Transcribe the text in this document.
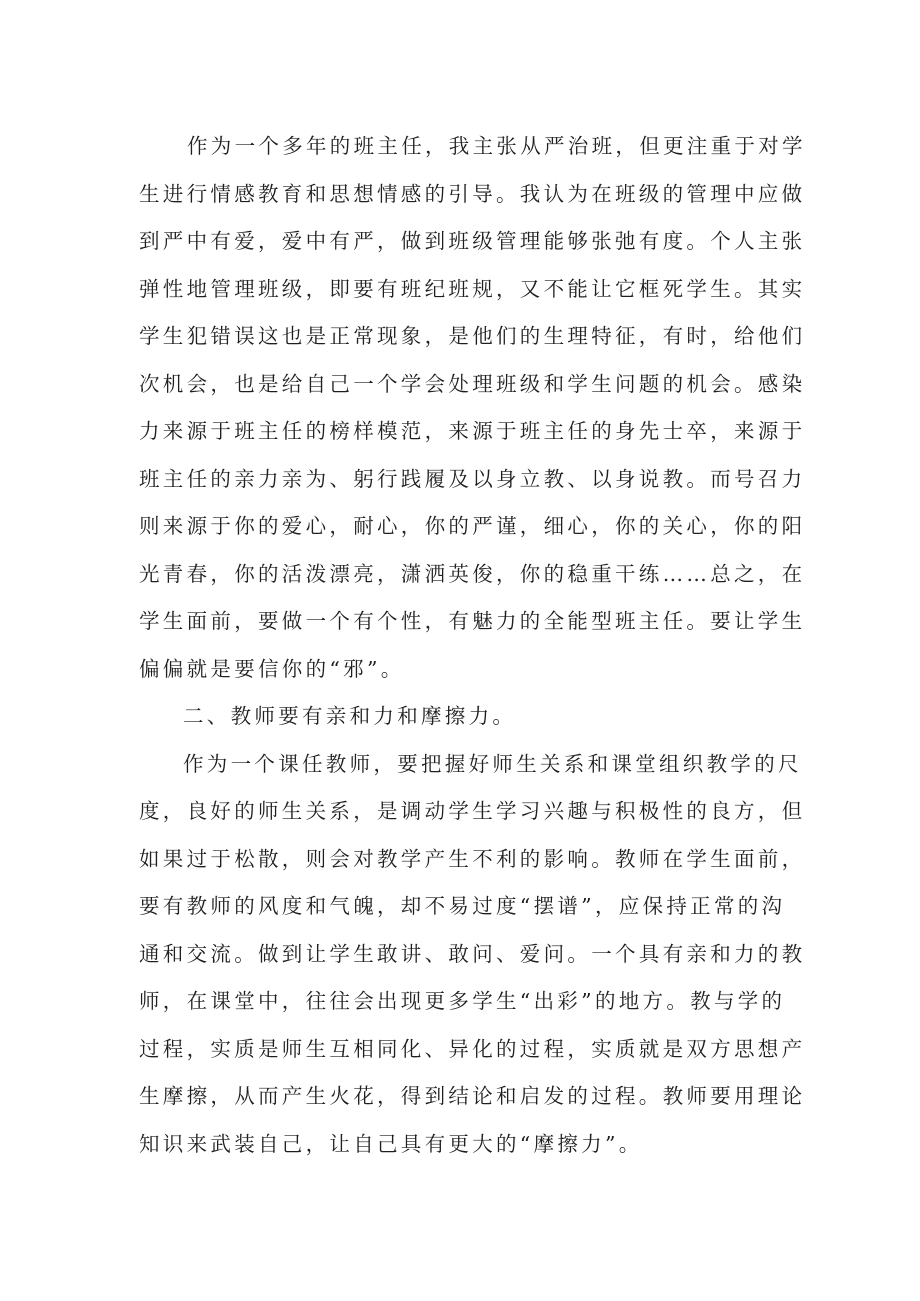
作为一个多年的班主任，我主张从严治班，但更注重于对学
生进行情感教育和思想情感的引导。我认为在班级的管理中应做
到严中有爱，爱中有严，做到班级管理能够张弛有度。个人主张
弹性地管理班级，即要有班纪班规，又不能让它框死学生。其实
学生犯错误这也是正常现象，是他们的生理特征，有时，给他们
次机会，也是给自己一个学会处理班级和学生问题的机会。感染
力来源于班主任的榜样模范，来源于班主任的身先士卒，来源于
班主任的亲力亲为、躬行践履及以身立教、以身说教。而号召力
则来源于你的爱心，耐心，你的严谨，细心，你的关心，你的阳
光青春，你的活泼漂亮，潇洒英俊，你的稳重干练……总之，在
学生面前，要做一个有个性，有魅力的全能型班主任。要让学生
偏偏就是要信你的“邪”。
二、教师要有亲和力和摩擦力。
作为一个课任教师，要把握好师生关系和课堂组织教学的尺
度，良好的师生关系，是调动学生学习兴趣与积极性的良方，但
如果过于松散，则会对教学产生不利的影响。教师在学生面前，
要有教师的风度和气魄，却不易过度“摆谱”，应保持正常的沟
通和交流。做到让学生敢讲、敢问、爱问。一个具有亲和力的教
师，在课堂中，往往会出现更多学生“出彩”的地方。教与学的
过程，实质是师生互相同化、异化的过程，实质就是双方思想产
生摩擦，从而产生火花，得到结论和启发的过程。教师要用理论
知识来武装自己，让自己具有更大的“摩擦力”。
